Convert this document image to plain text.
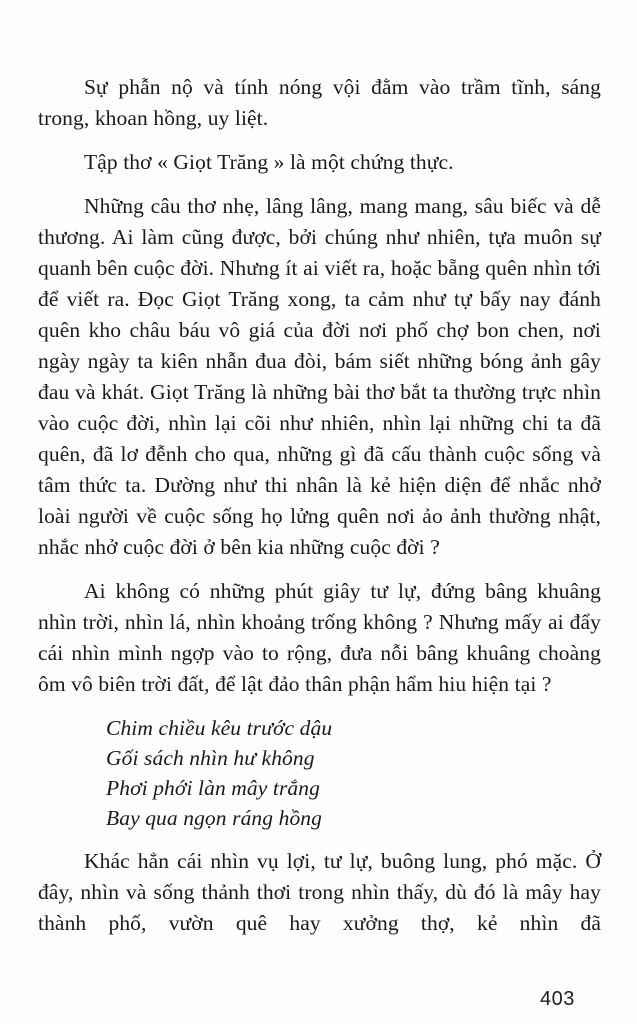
Sự phẫn nộ và tính nóng vội đằm vào trầm tĩnh, sáng trong, khoan hồng, uy liệt.

Tập thơ « Giọt Trăng » là một chứng thực.

Những câu thơ nhẹ, lâng lâng, mang mang, sâu biếc và dễ thương. Ai làm cũng được, bởi chúng như nhiên, tựa muôn sự quanh bên cuộc đời. Nhưng ít ai viết ra, hoặc bẵng quên nhìn tới để viết ra. Đọc Giọt Trăng xong, ta cảm như tự bấy nay đánh quên kho châu báu vô giá của đời nơi phố chợ bon chen, nơi ngày ngày ta kiên nhẫn đua đòi, bám siết những bóng ảnh gây đau và khát. Giọt Trăng là những bài thơ bắt ta thường trực nhìn vào cuộc đời, nhìn lại cõi như nhiên, nhìn lại những chi ta đã quên, đã lơ đễnh cho qua, những gì đã cấu thành cuộc sống và tâm thức ta. Dường như thi nhân là kẻ hiện diện để nhắc nhở loài người về cuộc sống họ lửng quên nơi ảo ảnh thường nhật, nhắc nhở cuộc đời ở bên kia những cuộc đời ?

Ai không có những phút giây tư lự, đứng bâng khuâng nhìn trời, nhìn lá, nhìn khoảng trống không ? Nhưng mấy ai đẩy cái nhìn mình ngợp vào to rộng, đưa nỗi bâng khuâng choàng ôm vô biên trời đất, để lật đảo thân phận hẩm hiu hiện tại ?

Chim chiều kêu trước dậu
Gối sách nhìn hư không
Phơi phới làn mây trắng
Bay qua ngọn ráng hồng

Khác hẳn cái nhìn vụ lợi, tư lự, buông lung, phó mặc. Ở đây, nhìn và sống thảnh thơi trong nhìn thấy, dù đó là mây hay thành phố, vườn quê hay xưởng thợ, kẻ nhìn đã

403
